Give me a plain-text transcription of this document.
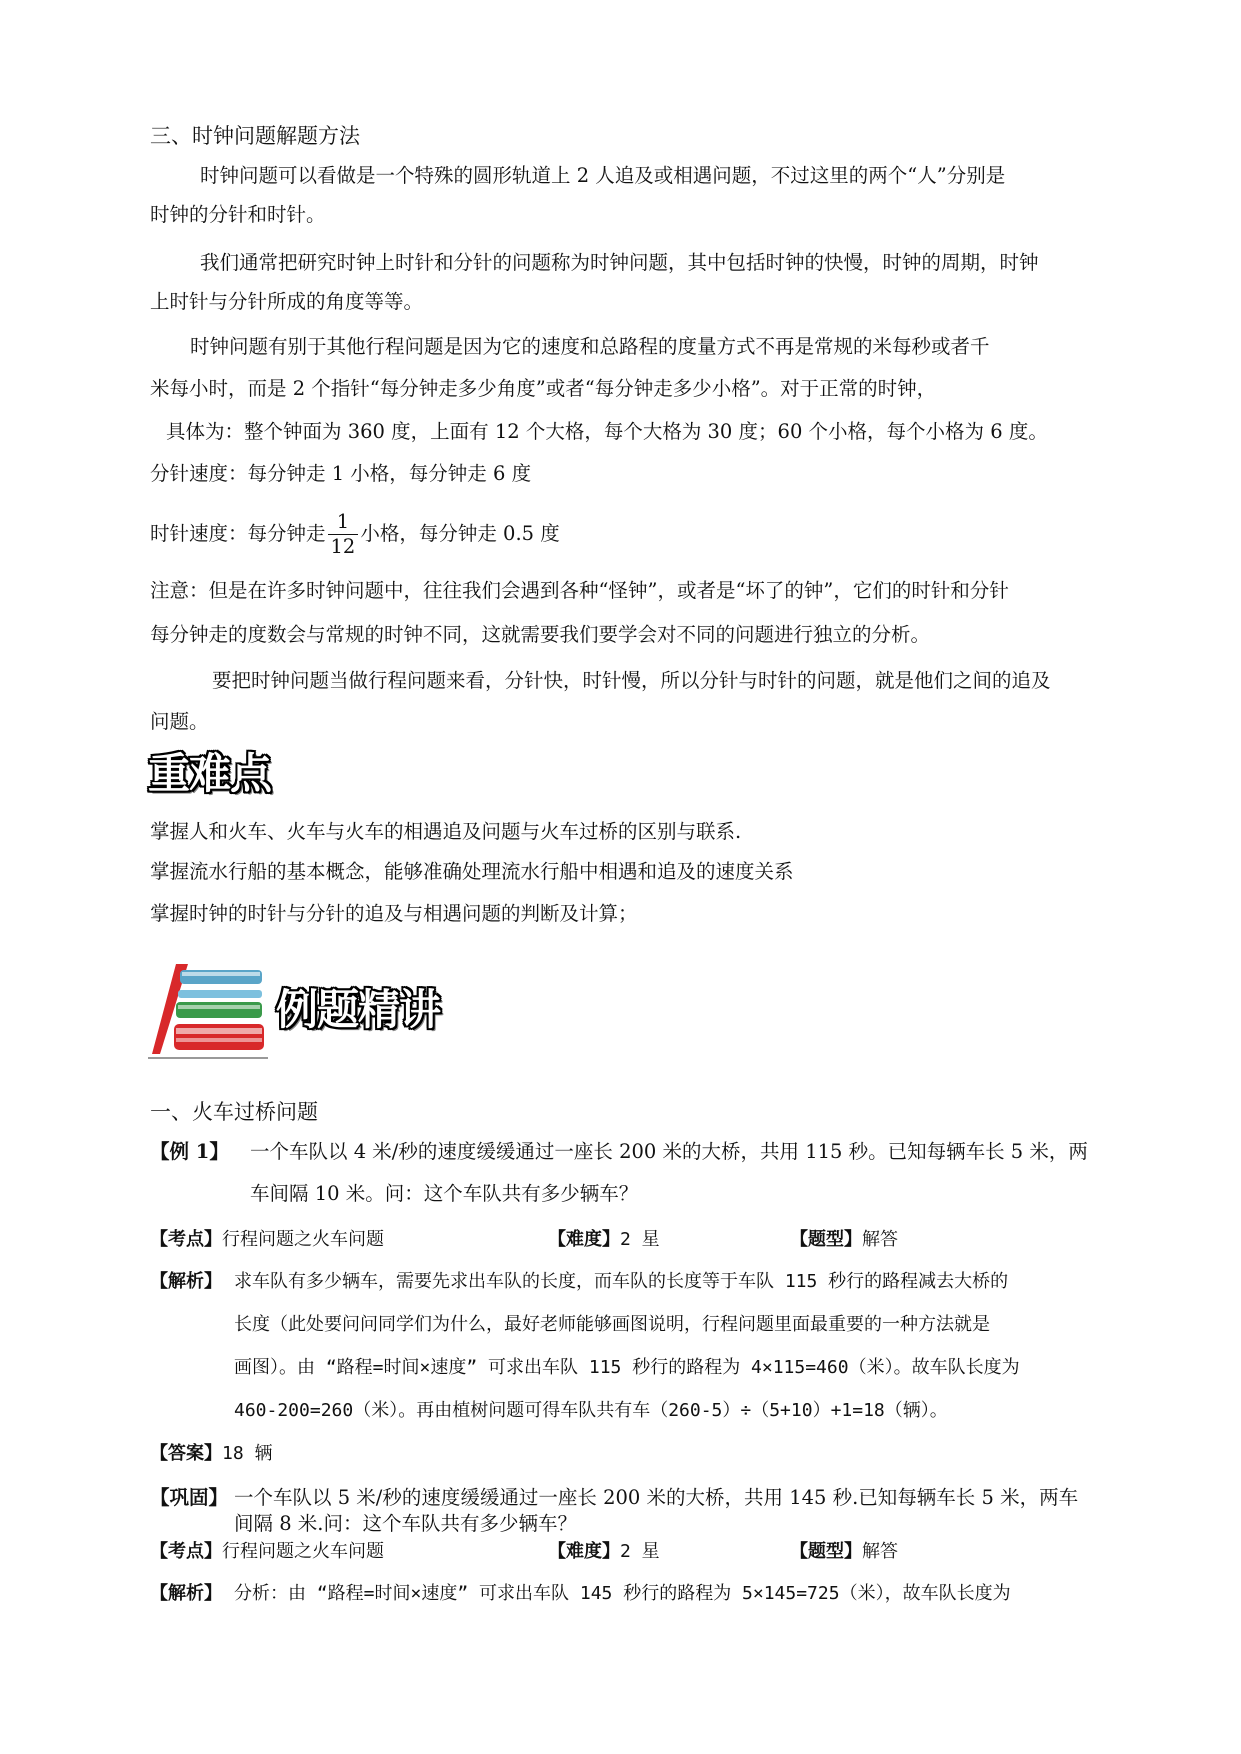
三、时钟问题解题方法
时钟问题可以看做是一个特殊的圆形轨道上 2 人追及或相遇问题，不过这里的两个“人”分别是
时钟的分针和时针。
我们通常把研究时钟上时针和分针的问题称为时钟问题，其中包括时钟的快慢，时钟的周期，时钟
上时针与分针所成的角度等等。
时钟问题有别于其他行程问题是因为它的速度和总路程的度量方式不再是常规的米每秒或者千
米每小时，而是 2 个指针“每分钟走多少角度”或者“每分钟走多少小格”。对于正常的时钟，
具体为：整个钟面为 360 度，上面有 12 个大格，每个大格为 30 度；60 个小格，每个小格为 6 度。
分针速度：每分钟走 1 小格，每分钟走 6 度
时针速度：每分钟走 $\frac{1}{12}$ 小格，每分钟走 0.5 度
注意：但是在许多时钟问题中，往往我们会遇到各种“怪钟”，或者是“坏了的钟”，它们的时针和分针
每分钟走的度数会与常规的时钟不同，这就需要我们要学会对不同的问题进行独立的分析。
要把时钟问题当做行程问题来看，分针快，时针慢，所以分针与时针的问题，就是他们之间的追及
问题。
重难点
掌握人和火车、火车与火车的相遇追及问题与火车过桥的区别与联系.
掌握流水行船的基本概念，能够准确处理流水行船中相遇和追及的速度关系
掌握时钟的时针与分针的追及与相遇问题的判断及计算；
例题精讲
一、火车过桥问题
【例 1】 一个车队以 4 米/秒的速度缓缓通过一座长 200 米的大桥，共用 115 秒。已知每辆车长 5 米，两
车间隔 10 米。问：这个车队共有多少辆车？
【考点】行程问题之火车问题	【难度】2 星	【题型】解答
【解析】 求车队有多少辆车，需要先求出车队的长度，而车队的长度等于车队 115 秒行的路程减去大桥的
长度（此处要问问同学们为什么，最好老师能够画图说明，行程问题里面最重要的一种方法就是
画图）。由 “路程=时间×速度” 可求出车队 115 秒行的路程为 4×115=460（米）。故车队长度为
460-200=260（米）。再由植树问题可得车队共有车（260-5）÷（5+10）+1=18（辆）。
【答案】18 辆
【巩固】 一个车队以 5 米/秒的速度缓缓通过一座长 200 米的大桥，共用 145 秒.已知每辆车长 5 米，两车
间隔 8 米.问：这个车队共有多少辆车？
【考点】行程问题之火车问题	【难度】2 星	【题型】解答
【解析】 分析：由 “路程=时间×速度” 可求出车队 145 秒行的路程为 5×145=725（米），故车队长度为
